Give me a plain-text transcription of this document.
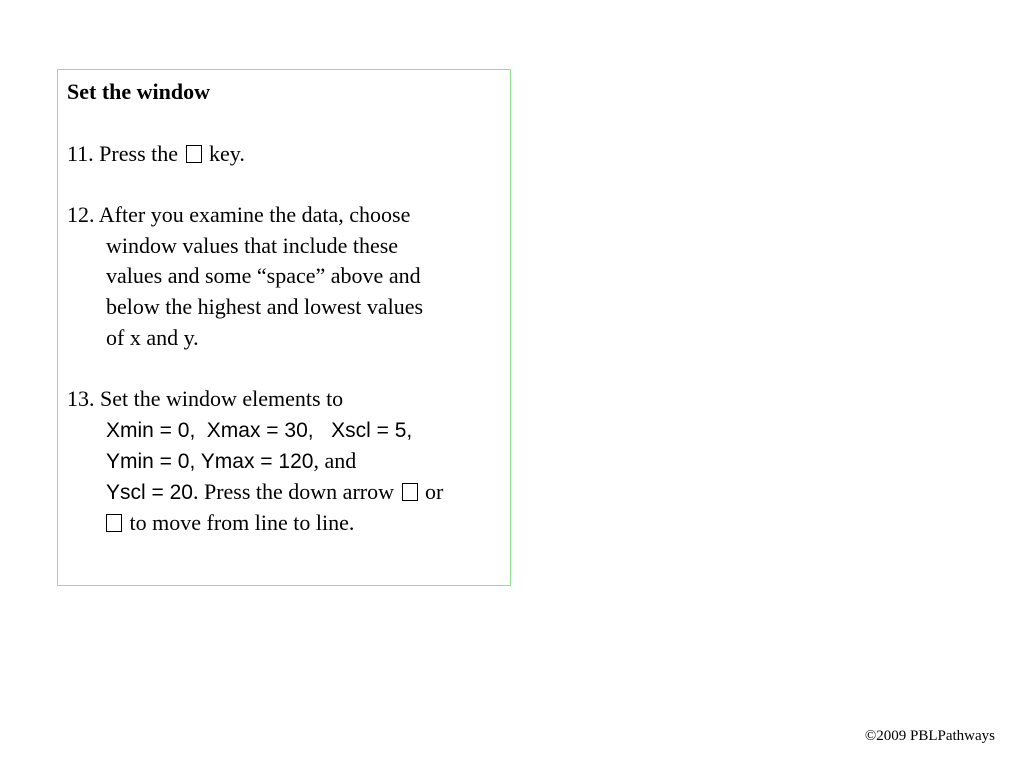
Set the window
11. Press the key.
12. After you examine the data, choose
window values that include these
values and some “space” above and
below the highest and lowest values
of x and y.
13. Set the window elements to
Xmin = 0, Xmax = 30, Xscl = 5,
Ymin = 0, Ymax = 120, and
Yscl = 20. Press the down arrow or
to move from line to line.
©2009 PBLPathways
